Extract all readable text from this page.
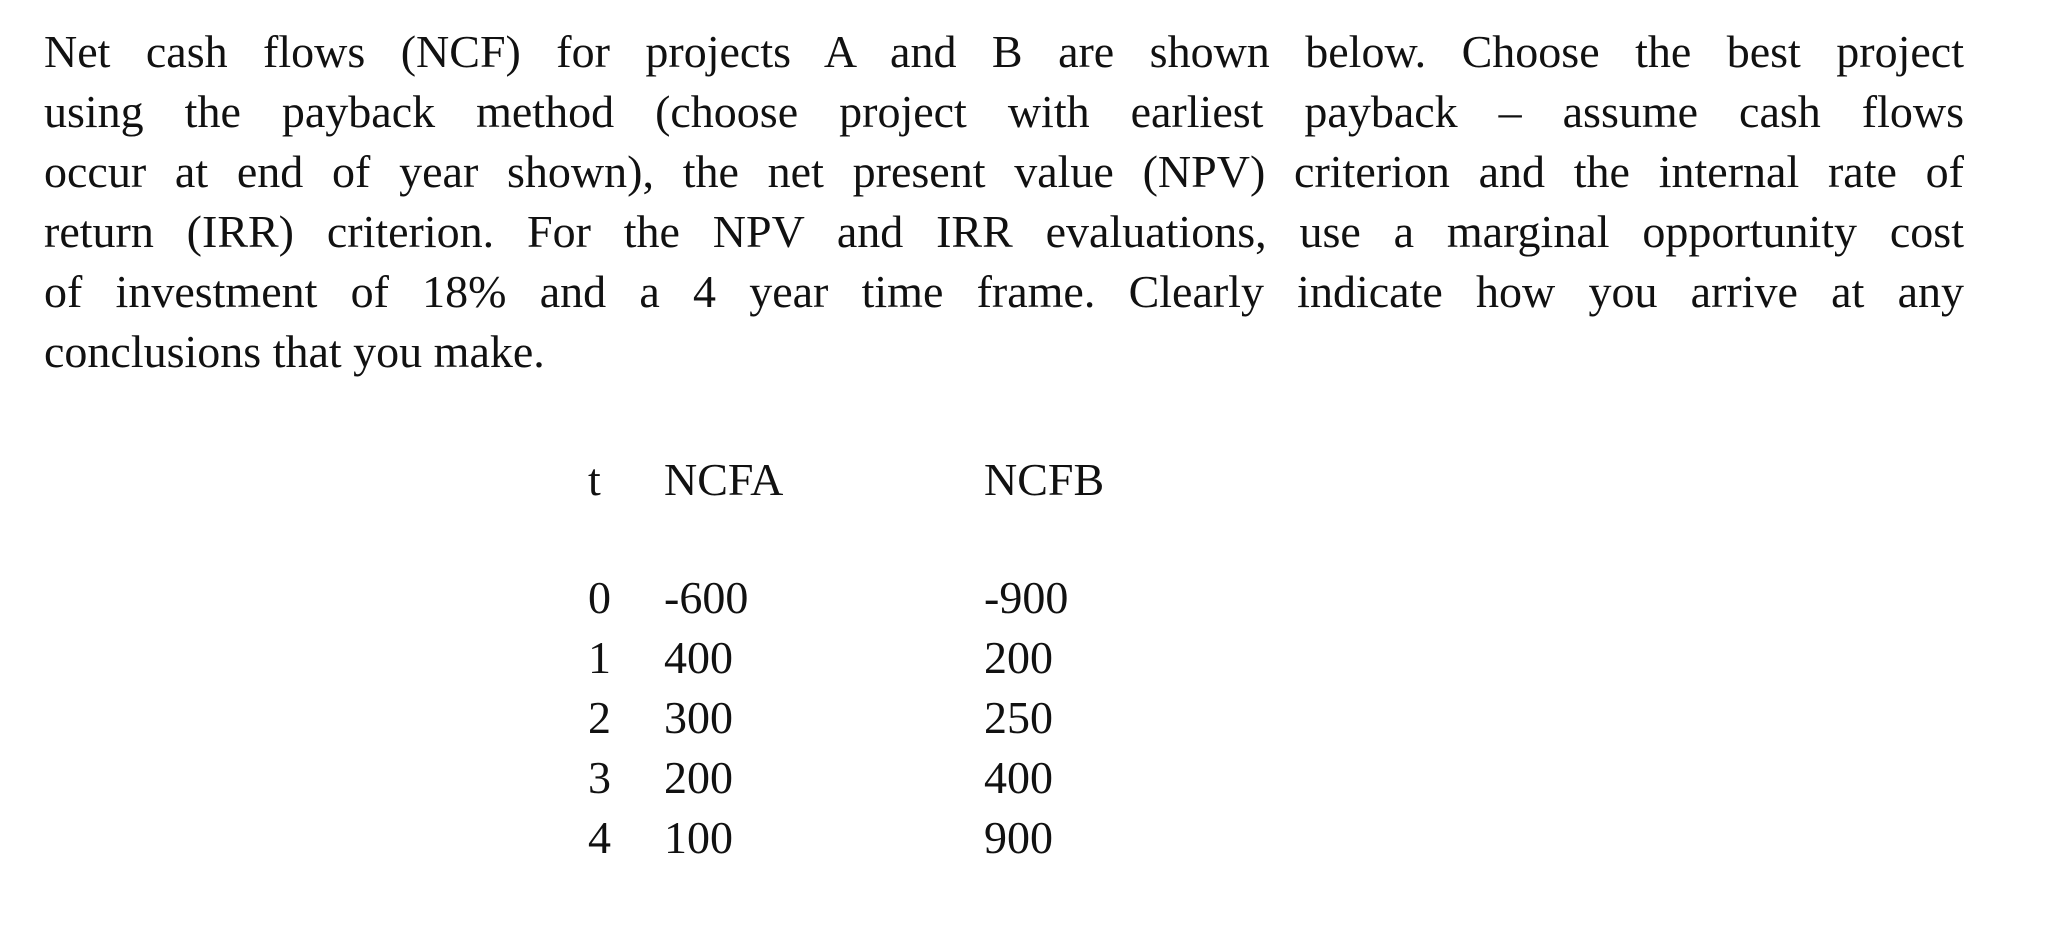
Net cash flows (NCF) for projects A and B are shown below. Choose the best project
using the payback method (choose project with earliest payback – assume cash flows
occur at end of year shown), the net present value (NPV) criterion and the internal rate of
return (IRR) criterion. For the NPV and IRR evaluations, use a marginal opportunity cost
of investment of 18% and a 4 year time frame. Clearly indicate how you arrive at any
conclusions that you make.
t	NCFA	NCFB

0	-600	-900
1	400	200
2	300	250
3	200	400
4	100	900
